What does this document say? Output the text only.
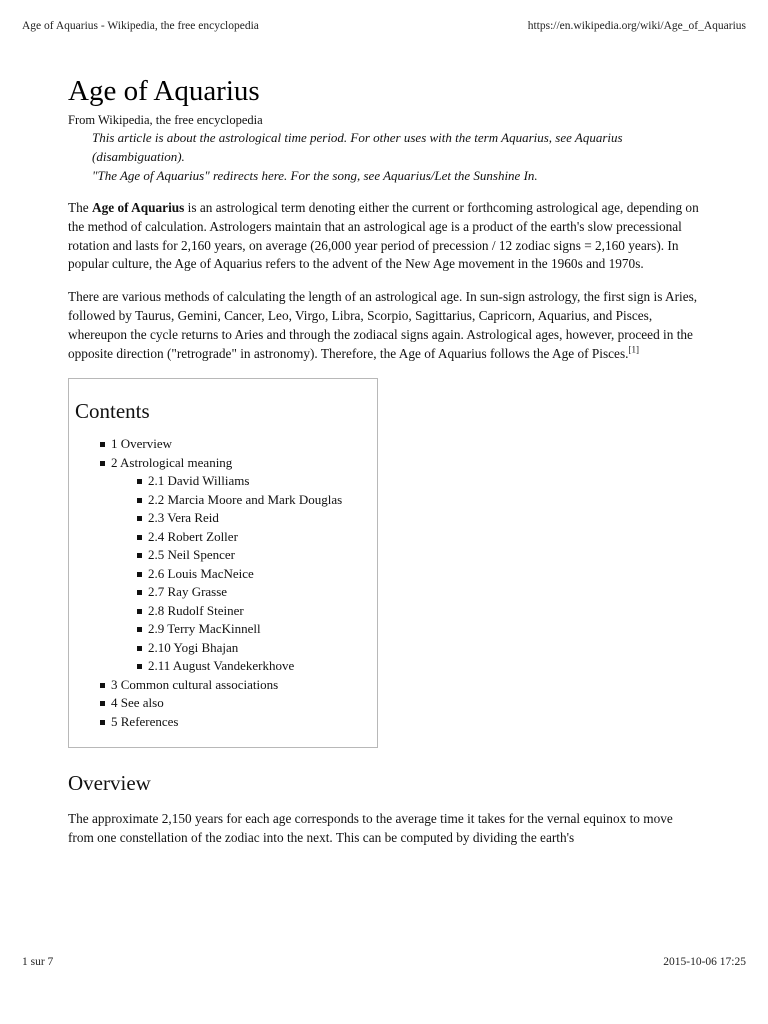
Age of Aquarius - Wikipedia, the free encyclopedia	https://en.wikipedia.org/wiki/Age_of_Aquarius
Age of Aquarius

From Wikipedia, the free encyclopedia

This article is about the astrological time period. For other uses with the term Aquarius, see Aquarius (disambiguation).

"The Age of Aquarius" redirects here. For the song, see Aquarius/Let the Sunshine In.

The Age of Aquarius is an astrological term denoting either the current or forthcoming astrological age, depending on the method of calculation. Astrologers maintain that an astrological age is a product of the earth's slow precessional rotation and lasts for 2,160 years, on average (26,000 year period of precession / 12 zodiac signs = 2,160 years). In popular culture, the Age of Aquarius refers to the advent of the New Age movement in the 1960s and 1970s.

There are various methods of calculating the length of an astrological age. In sun-sign astrology, the first sign is Aries, followed by Taurus, Gemini, Cancer, Leo, Virgo, Libra, Scorpio, Sagittarius, Capricorn, Aquarius, and Pisces, whereupon the cycle returns to Aries and through the zodiacal signs again. Astrological ages, however, proceed in the opposite direction ("retrograde" in astronomy). Therefore, the Age of Aquarius follows the Age of Pisces.[1]

Contents
1 Overview
2 Astrological meaning
2.1 David Williams
2.2 Marcia Moore and Mark Douglas
2.3 Vera Reid
2.4 Robert Zoller
2.5 Neil Spencer
2.6 Louis MacNeice
2.7 Ray Grasse
2.8 Rudolf Steiner
2.9 Terry MacKinnell
2.10 Yogi Bhajan
2.11 August Vandekerkhove
3 Common cultural associations
4 See also
5 References
Overview

The approximate 2,150 years for each age corresponds to the average time it takes for the vernal equinox to move from one constellation of the zodiac into the next. This can be computed by dividing the earth's

1 sur 7	2015-10-06 17:25
